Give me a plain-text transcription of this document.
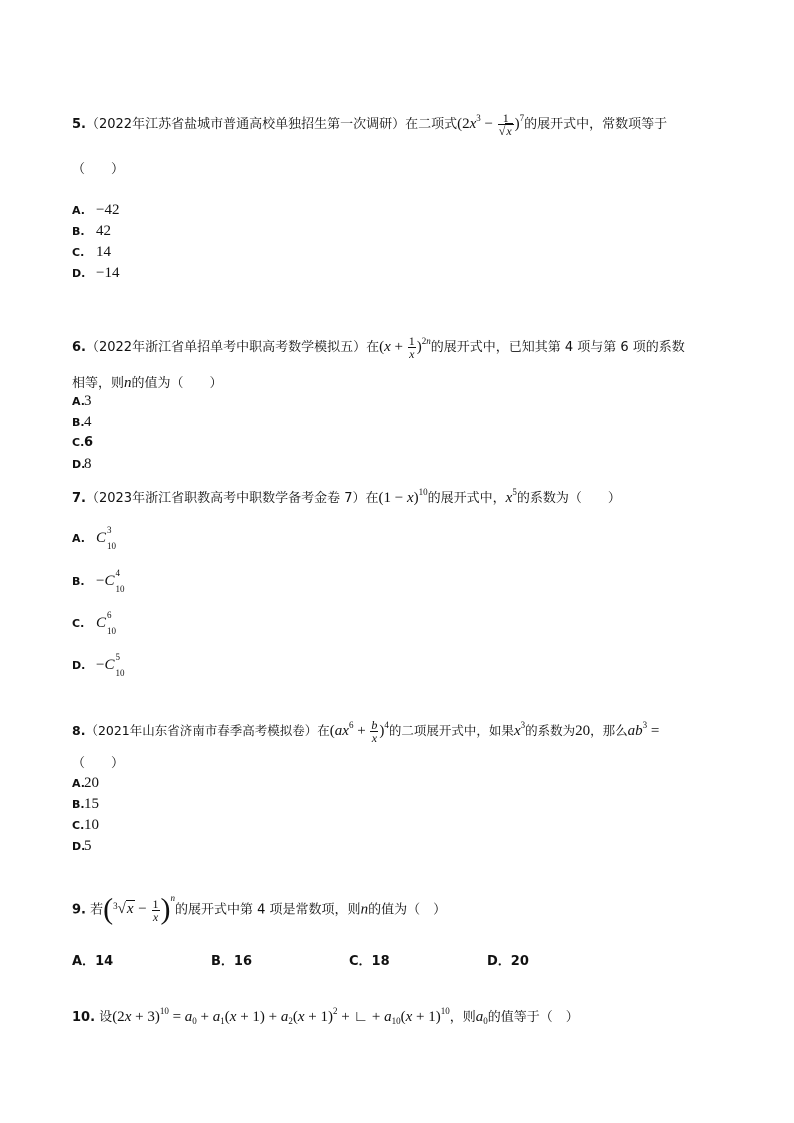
5.（2022年江苏省盐城市普通高校单独招生第一次调研）在二项式$(2x^3 - \frac{1}{√x} )^7$的展开式中，常数项等于
（　　）
A. −42
B. 42
C. 14
D. −14
6.（2022年浙江省单招单考中职高考数学模拟五）在$(x + \frac{1}{x} )^{2n}$的展开式中，已知其第 4 项与第 6 项的系数
相等，则n的值为（　　）
A.3
B.4
C.6
D.8
7.（2023年浙江省职教高考中职数学备考金卷 7）在$(1 - x)^{10}$的展开式中，$x^5$的系数为（　　）
A. C 3
10
B. −C 4
10
C. C 6
10
D. −C 5
10
8.（2021年山东省济南市春季高考模拟卷）在$(ax^6 + \frac{b}{x} )^4$的二项展开式中，如果$x^3$的系数为20，那么$ab^3$ =
（　　）
A.20
B.15
C.10
D.5
9. 若$(^3√x - \frac{1}{x} )^n$的展开式中第 4 项是常数项，则n的值为（　）
A．14	B．16	C．18	D．20
10. 设$(2x + 3)^{10} = a_0 + a_1(x + 1) + a_2(x + 1)^2$ + ∟ + $a_{10}(x + 1)^{10}$，则$a_0$的值等于（　）
